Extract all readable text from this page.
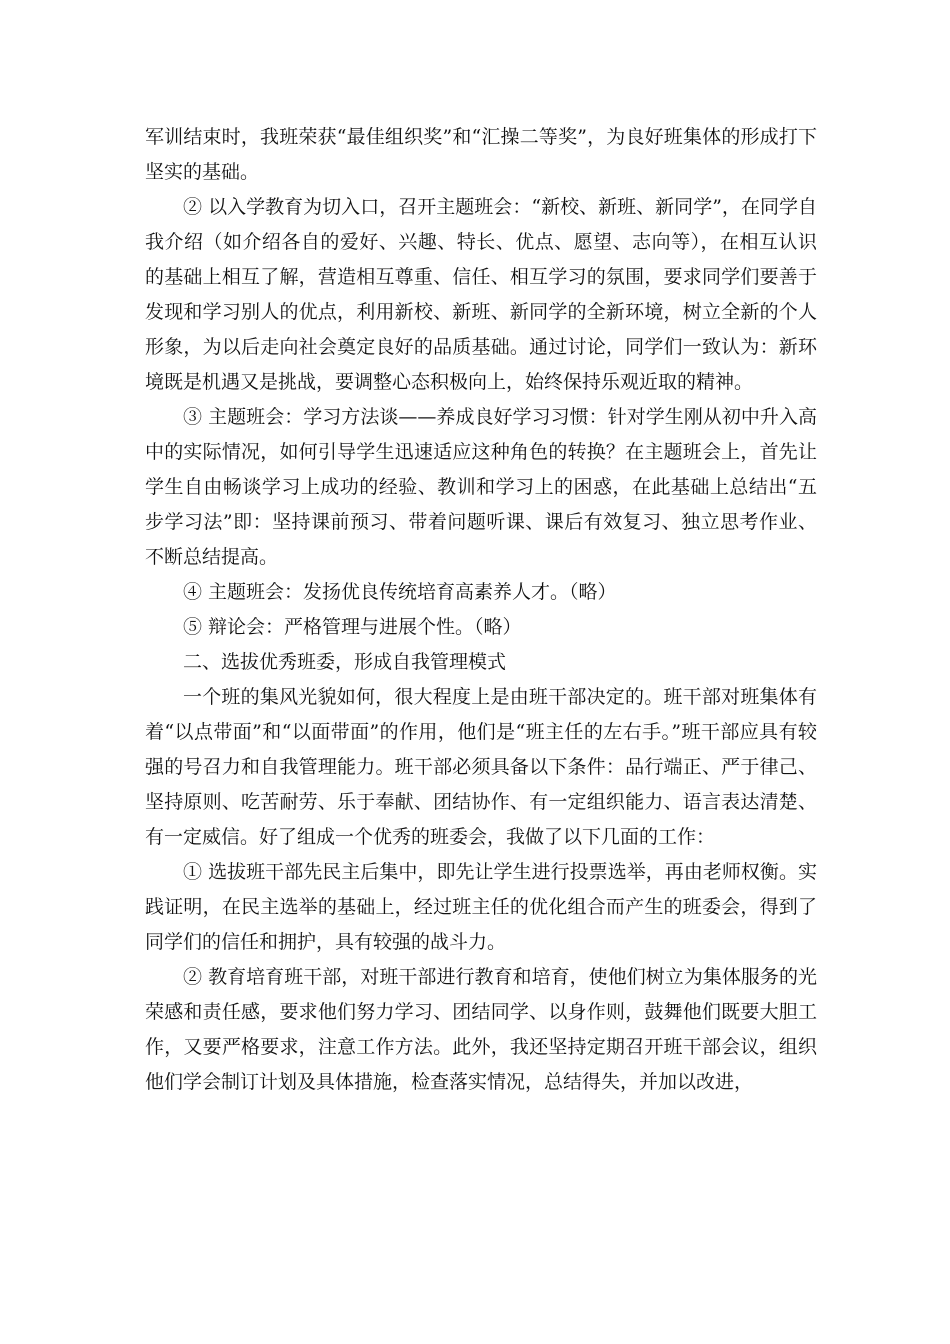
军训结束时，我班荣获“最佳组织奖”和“汇操二等奖”，为良好班集体的形成打下坚实的基础。

② 以入学教育为切入口，召开主题班会：“新校、新班、新同学”，在同学自我介绍（如介绍各自的爱好、兴趣、特长、优点、愿望、志向等），在相互认识的基础上相互了解，营造相互尊重、信任、相互学习的氛围，要求同学们要善于发现和学习别人的优点，利用新校、新班、新同学的全新环境，树立全新的个人形象，为以后走向社会奠定良好的品质基础。通过讨论，同学们一致认为：新环境既是机遇又是挑战，要调整心态积极向上，始终保持乐观近取的精神。

③ 主题班会：学习方法谈——养成良好学习习惯：针对学生刚从初中升入高中的实际情况，如何引导学生迅速适应这种角色的转换？在主题班会上，首先让学生自由畅谈学习上成功的经验、教训和学习上的困惑，在此基础上总结出“五步学习法”即：坚持课前预习、带着问题听课、课后有效复习、独立思考作业、不断总结提高。

④ 主题班会：发扬优良传统培育高素养人才。（略）

⑤ 辩论会：严格管理与进展个性。（略）

二、选拔优秀班委，形成自我管理模式

一个班的集风光貌如何，很大程度上是由班干部决定的。班干部对班集体有着“以点带面”和“以面带面”的作用，他们是“班主任的左右手。”班干部应具有较强的号召力和自我管理能力。班干部必须具备以下条件：品行端正、严于律己、坚持原则、吃苦耐劳、乐于奉献、团结协作、有一定组织能力、语言表达清楚、有一定威信。好了组成一个优秀的班委会，我做了以下几面的工作：

① 选拔班干部先民主后集中，即先让学生进行投票选举，再由老师权衡。实践证明，在民主选举的基础上，经过班主任的优化组合而产生的班委会，得到了同学们的信任和拥护，具有较强的战斗力。

② 教育培育班干部，对班干部进行教育和培育，使他们树立为集体服务的光荣感和责任感，要求他们努力学习、团结同学、以身作则，鼓舞他们既要大胆工作，又要严格要求，注意工作方法。此外，我还坚持定期召开班干部会议，组织他们学会制订计划及具体措施，检查落实情况，总结得失，并加以改进，
